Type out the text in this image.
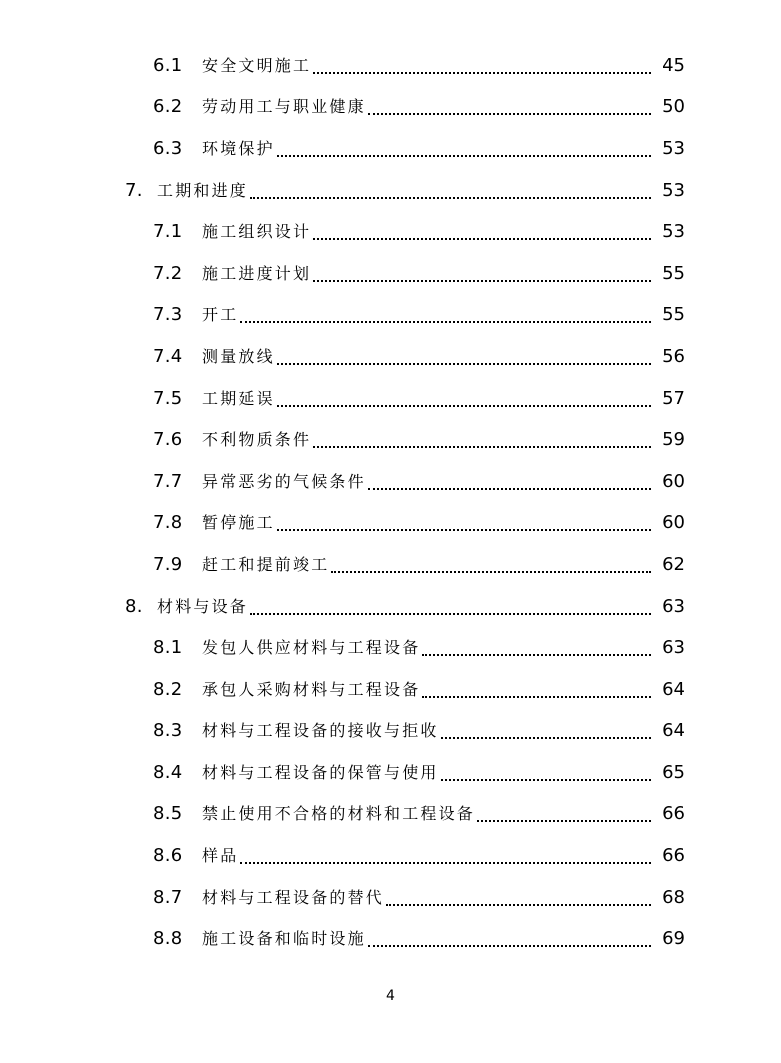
6.1	安全文明施工	45
6.2	劳动用工与职业健康	50
6.3	环境保护	53
7. 工期和进度	53
7.1	施工组织设计	53
7.2	施工进度计划	55
7.3	开工	55
7.4	测量放线	56
7.5	工期延误	57
7.6	不利物质条件	59
7.7	异常恶劣的气候条件	60
7.8	暂停施工	60
7.9	赶工和提前竣工	62
8. 材料与设备	63
8.1	发包人供应材料与工程设备	63
8.2	承包人采购材料与工程设备	64
8.3	材料与工程设备的接收与拒收	64
8.4	材料与工程设备的保管与使用	65
8.5	禁止使用不合格的材料和工程设备	66
8.6	样品	66
8.7	材料与工程设备的替代	68
8.8	施工设备和临时设施	69
4
